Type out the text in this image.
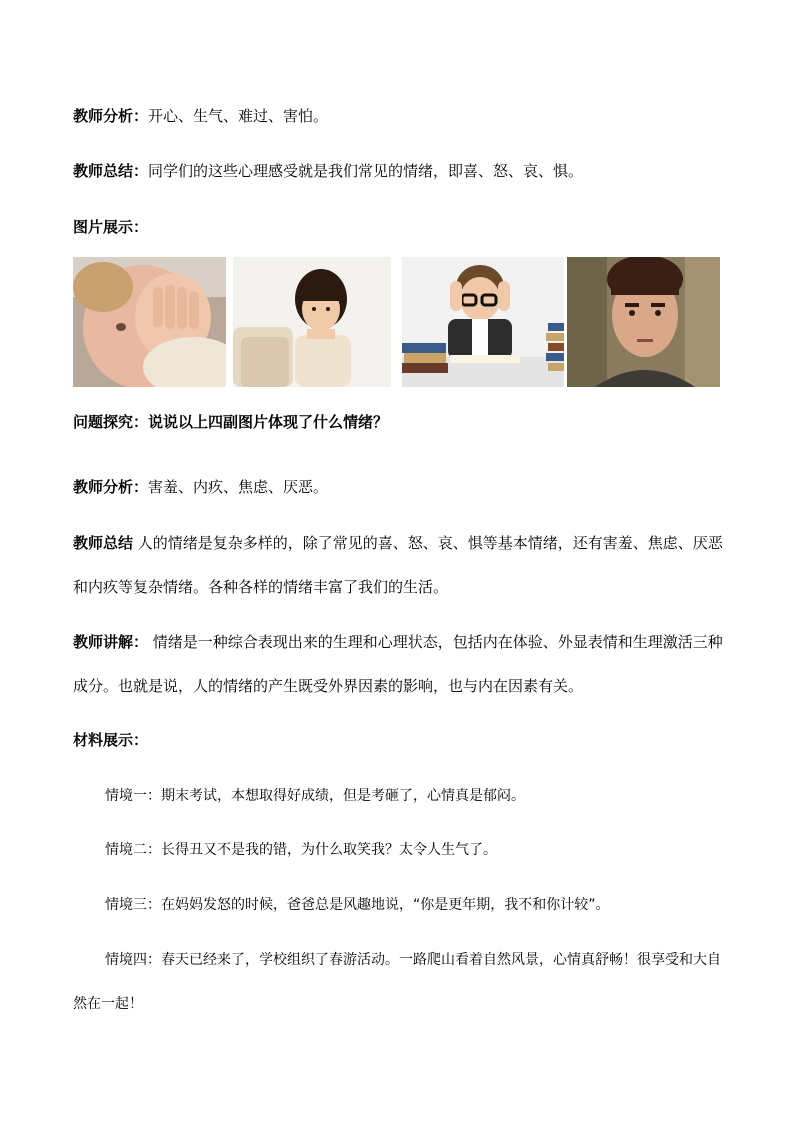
教师分析：开心、生气、难过、害怕。

教师总结：同学们的这些心理感受就是我们常见的情绪，即喜、怒、哀、惧。

图片展示：

问题探究：说说以上四副图片体现了什么情绪？

教师分析：害羞、内疚、焦虑、厌恶。

教师总结 人的情绪是复杂多样的，除了常见的喜、怒、哀、惧等基本情绪，还有害羞、焦虑、厌恶和内疚等复杂情绪。各种各样的情绪丰富了我们的生活。

教师讲解： 情绪是一种综合表现出来的生理和心理状态，包括内在体验、外显表情和生理激活三种成分。也就是说，人的情绪的产生既受外界因素的影响，也与内在因素有关。

材料展示：

情境一：期末考试，本想取得好成绩，但是考砸了，心情真是郁闷。

情境二：长得丑又不是我的错，为什么取笑我？太令人生气了。

情境三：在妈妈发怒的时候，爸爸总是风趣地说，“你是更年期，我不和你计较”。

情境四：春天已经来了，学校组织了春游活动。一路爬山看着自然风景，心情真舒畅！很享受和大自然在一起！
